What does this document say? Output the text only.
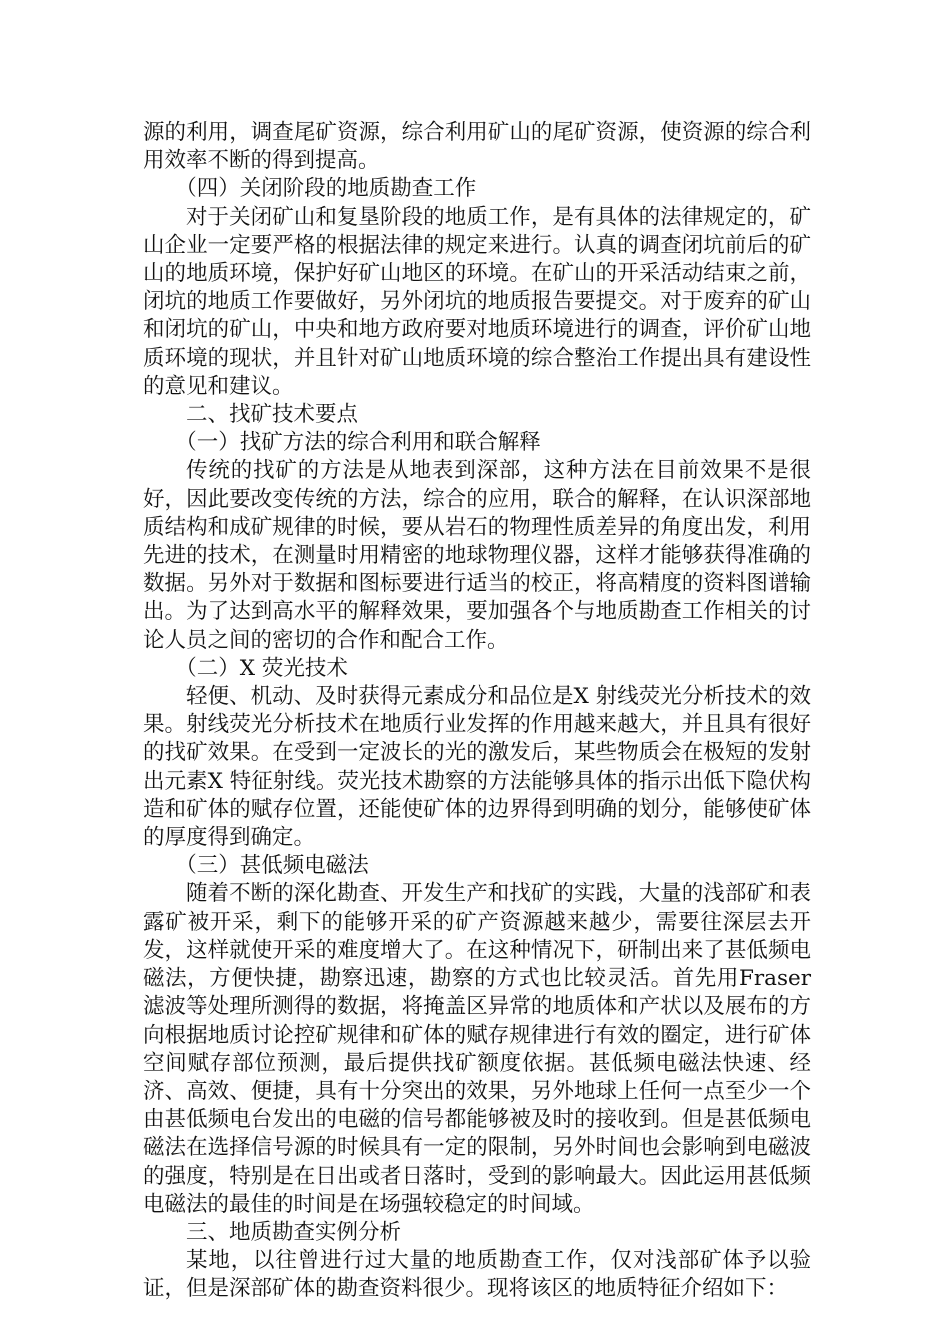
源的利用，调查尾矿资源，综合利用矿山的尾矿资源，使资源的综合利用效率不断的得到提高。

（四）关闭阶段的地质勘查工作

对于关闭矿山和复垦阶段的地质工作，是有具体的法律规定的，矿山企业一定要严格的根据法律的规定来进行。认真的调查闭坑前后的矿山的地质环境，保护好矿山地区的环境。在矿山的开采活动结束之前，闭坑的地质工作要做好，另外闭坑的地质报告要提交。对于废弃的矿山和闭坑的矿山，中央和地方政府要对地质环境进行的调查，评价矿山地质环境的现状，并且针对矿山地质环境的综合整治工作提出具有建设性的意见和建议。

二、找矿技术要点

（一）找矿方法的综合利用和联合解释

传统的找矿的方法是从地表到深部，这种方法在目前效果不是很好，因此要改变传统的方法，综合的应用，联合的解释，在认识深部地质结构和成矿规律的时候，要从岩石的物理性质差异的角度出发，利用先进的技术，在测量时用精密的地球物理仪器，这样才能够获得准确的数据。另外对于数据和图标要进行适当的校正，将高精度的资料图谱输出。为了达到高水平的解释效果，要加强各个与地质勘查工作相关的讨论人员之间的密切的合作和配合工作。

（二）X 荧光技术

轻便、机动、及时获得元素成分和品位是X 射线荧光分析技术的效果。射线荧光分析技术在地质行业发挥的作用越来越大，并且具有很好的找矿效果。在受到一定波长的光的激发后，某些物质会在极短的发射出元素X 特征射线。荧光技术勘察的方法能够具体的指示出低下隐伏构造和矿体的赋存位置，还能使矿体的边界得到明确的划分，能够使矿体的厚度得到确定。

（三）甚低频电磁法

随着不断的深化勘查、开发生产和找矿的实践，大量的浅部矿和表露矿被开采，剩下的能够开采的矿产资源越来越少，需要往深层去开发，这样就使开采的难度增大了。在这种情况下，研制出来了甚低频电磁法，方便快捷，勘察迅速，勘察的方式也比较灵活。首先用Fraser 滤波等处理所测得的数据，将掩盖区异常的地质体和产状以及展布的方向根据地质讨论控矿规律和矿体的赋存规律进行有效的圈定，进行矿体空间赋存部位预测，最后提供找矿额度依据。甚低频电磁法快速、经济、高效、便捷，具有十分突出的效果，另外地球上任何一点至少一个由甚低频电台发出的电磁的信号都能够被及时的接收到。但是甚低频电磁法在选择信号源的时候具有一定的限制，另外时间也会影响到电磁波的强度，特别是在日出或者日落时，受到的影响最大。因此运用甚低频电磁法的最佳的时间是在场强较稳定的时间域。

三、地质勘查实例分析

某地，以往曾进行过大量的地质勘查工作，仅对浅部矿体予以验证，但是深部矿体的勘查资料很少。现将该区的地质特征介绍如下：
